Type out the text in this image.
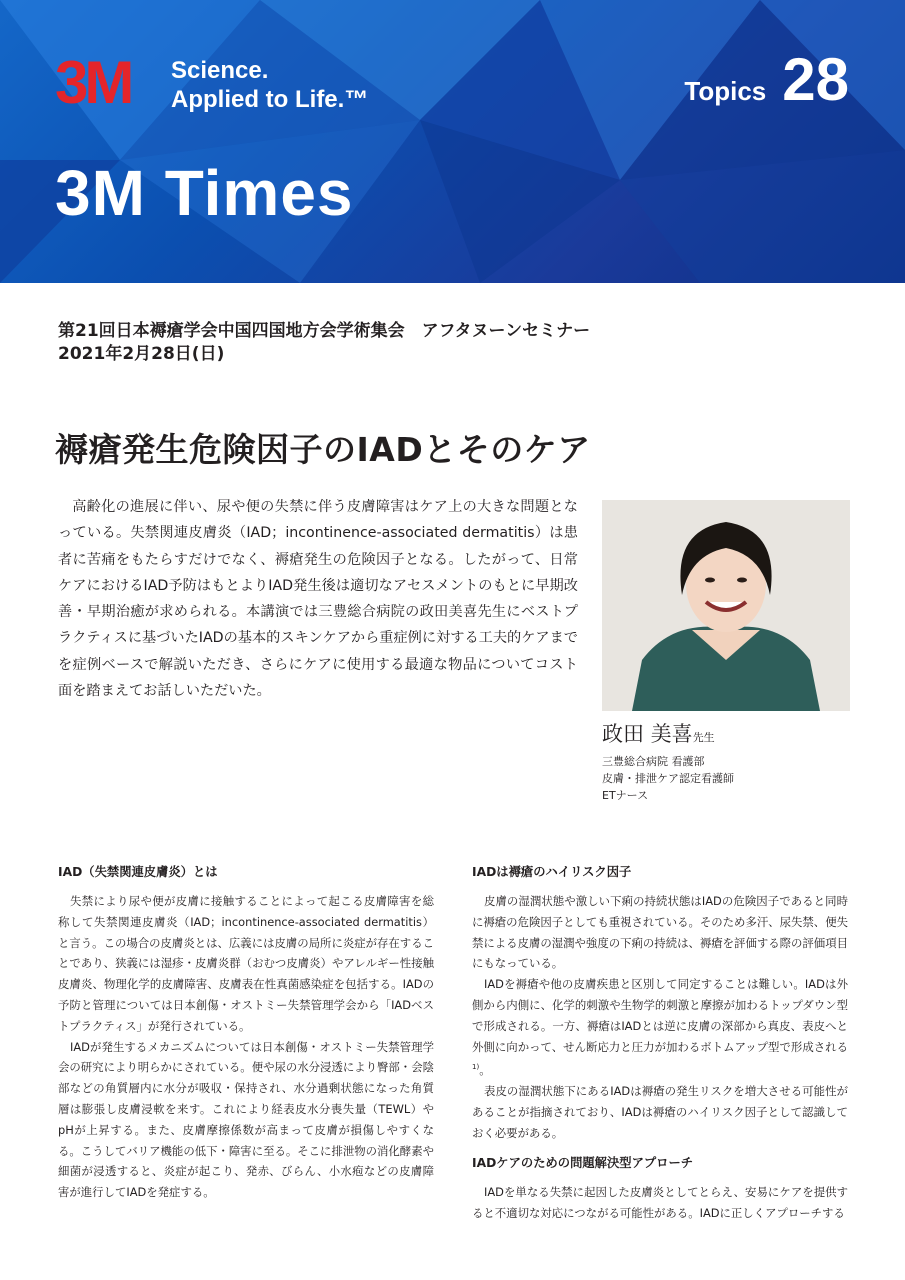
3M Science.
Applied to Life.™	Topics 28
3M Times
第21回日本褥瘡学会中国四国地方会学術集会　アフタヌーンセミナー
2021年2月28日(日)
褥瘡発生危険因子のIADとそのケア
高齢化の進展に伴い、尿や便の失禁に伴う皮膚障害はケア上の大きな問題となっている。失禁関連皮膚炎（IAD；incontinence-associated dermatitis）は患者に苦痛をもたらすだけでなく、褥瘡発生の危険因子となる。したがって、日常ケアにおけるIAD予防はもとよりIAD発生後は適切なアセスメントのもとに早期改善・早期治癒が求められる。本講演では三豊総合病院の政田美喜先生にベストプラクティスに基づいたIADの基本的スキンケアから重症例に対する工夫的ケアまでを症例ベースで解説いただき、さらにケアに使用する最適な物品についてコスト面を踏まえてお話しいただいた。
政田 美喜先生
三豊総合病院 看護部
皮膚・排泄ケア認定看護師
ETナース
IAD（失禁関連皮膚炎）とは

失禁により尿や便が皮膚に接触することによって起こる皮膚障害を総称して失禁関連皮膚炎（IAD；incontinence-associated dermatitis）と言う。この場合の皮膚炎とは、広義には皮膚の局所に炎症が存在することであり、狭義には湿疹・皮膚炎群（おむつ皮膚炎）やアレルギー性接触皮膚炎、物理化学的皮膚障害、皮膚表在性真菌感染症を包括する。IADの予防と管理については日本創傷・オストミー失禁管理学会から「IADベストプラクティス」が発行されている。

IADが発生するメカニズムについては日本創傷・オストミー失禁管理学会の研究により明らかにされている。便や尿の水分浸透により臀部・会陰部などの角質層内に水分が吸収・保持され、水分過剰状態になった角質層は膨張し皮膚浸軟を来す。これにより経表皮水分喪失量（TEWL）やpHが上昇する。また、皮膚摩擦係数が高まって皮膚が損傷しやすくなる。こうしてバリア機能の低下・障害に至る。そこに排泄物の消化酵素や細菌が浸透すると、炎症が起こり、発赤、びらん、小水疱などの皮膚障害が進行してIADを発症する。

IADは褥瘡のハイリスク因子

皮膚の湿潤状態や激しい下痢の持続状態はIADの危険因子であると同時に褥瘡の危険因子としても重視されている。そのため多汗、尿失禁、便失禁による皮膚の湿潤や強度の下痢の持続は、褥瘡を評価する際の評価項目にもなっている。

IADを褥瘡や他の皮膚疾患と区別して同定することは難しい。IADは外側から内側に、化学的刺激や生物学的刺激と摩擦が加わるトップダウン型で形成される。一方、褥瘡はIADとは逆に皮膚の深部から真皮、表皮へと外側に向かって、せん断応力と圧力が加わるボトムアップ型で形成される$^{1)}$。

表皮の湿潤状態下にあるIADは褥瘡の発生リスクを増大させる可能性があることが指摘されており、IADは褥瘡のハイリスク因子として認識しておく必要がある。

IADケアのための問題解決型アプローチ

IADを単なる失禁に起因した皮膚炎としてとらえ、安易にケアを提供すると不適切な対応につながる可能性がある。IADに正しくアプローチする
